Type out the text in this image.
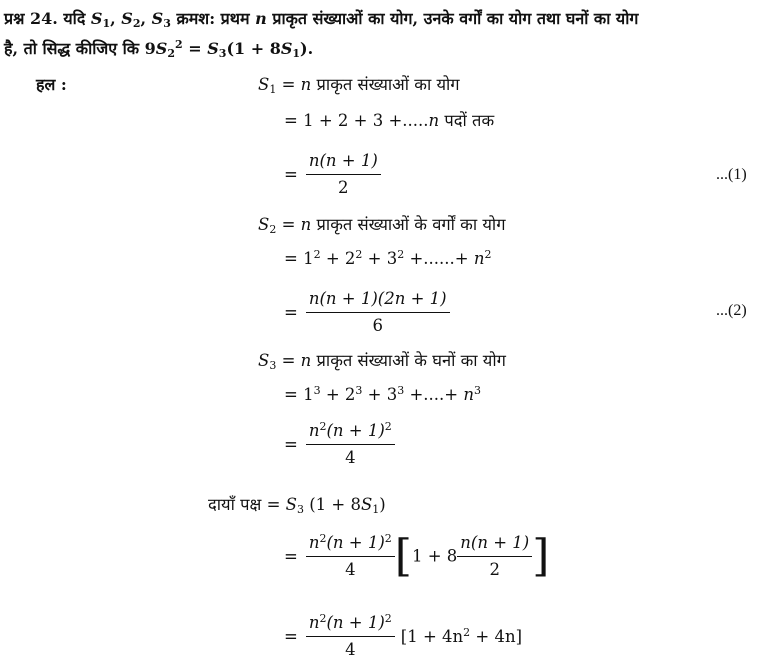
प्रश्न 24. यदि $S_1$, $S_2$, $S_3$ क्रमश: प्रथम n प्राकृत संख्याओं का योग, उनके वर्गों का योग तथा घनों का योग
है, तो सिद्ध कीजिए कि $9S_2^2 = S_3(1 + 8S_1)$.
हल :	$S_1 = n$ प्राकृत संख्याओं का योग
= 1 + 2 + 3 +.....n पदों तक
= $\frac{n(n + 1)}{2}$	...(1)
$S_2 = n$ प्राकृत संख्याओं के वर्गों का योग
= $1^2 + 2^2 + 3^2$ +......+ $n^2$
= $\frac{n(n + 1)(2n + 1)}{6}$	...(2)
$S_3 = n$ प्राकृत संख्याओं के घनों का योग
= $1^3 + 2^3 + 3^3$ +....+ $n^3$
= $\frac{n^2(n + 1)^2}{4}$
दायाँ पक्ष = $S_3$ $(1 + 8S_1)$
= $\frac{n^2(n + 1)^2}{4} [1 + 8 \frac{n(n + 1)}{2}$ ]
= $\frac{n^2(n + 1)^2}{4} [1 + 4n^2 + 4n]$
